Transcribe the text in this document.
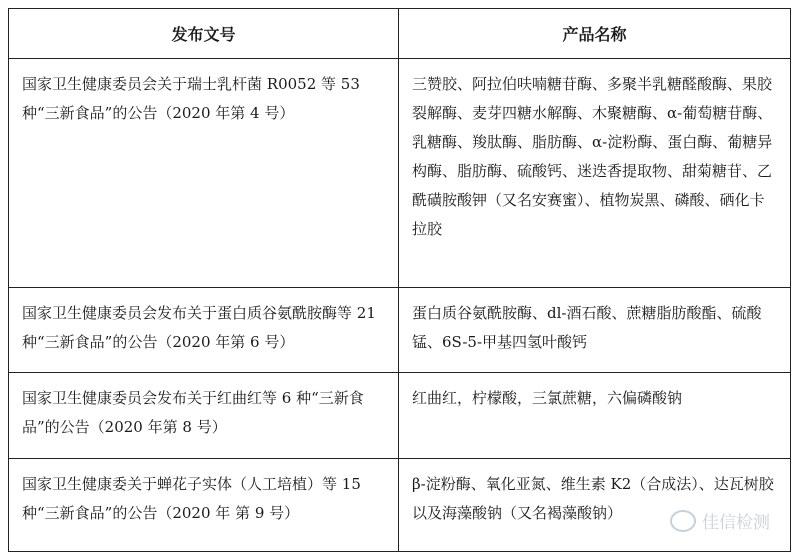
发布文号	产品名称

国家卫生健康委员会关于瑞士乳杆菌 R0052 等 53 种“三新食品”的公告（2020 年第 4 号）	三赞胶、阿拉伯呋喃糖苷酶、多聚半乳糖醛酸酶、果胶裂解酶、麦芽四糖水解酶、木聚糖酶、α-葡萄糖苷酶、乳糖酶、羧肽酶、脂肪酶、α-淀粉酶、蛋白酶、葡糖异构酶、脂肪酶、硫酸钙、迷迭香提取物、甜菊糖苷、乙酰磺胺酸钾（又名安赛蜜）、植物炭黑、磷酸、硒化卡拉胶

国家卫生健康委员会发布关于蛋白质谷氨酰胺酶等 21 种“三新食品”的公告（2020 年第 6 号）	蛋白质谷氨酰胺酶、dl-酒石酸、蔗糖脂肪酸酯、硫酸锰、6S-5-甲基四氢叶酸钙

国家卫生健康委员会发布关于红曲红等 6 种“三新食品”的公告（2020 年第 8 号）	红曲红，柠檬酸，三氯蔗糖，六偏磷酸钠

国家卫生健康委关于蝉花子实体（人工培植）等 15 种“三新食品”的公告（2020 年 第 9 号）	β-淀粉酶、氧化亚氮、维生素 K2（合成法）、达瓦树胶以及海藻酸钠（又名褐藻酸钠）	佳信检测
